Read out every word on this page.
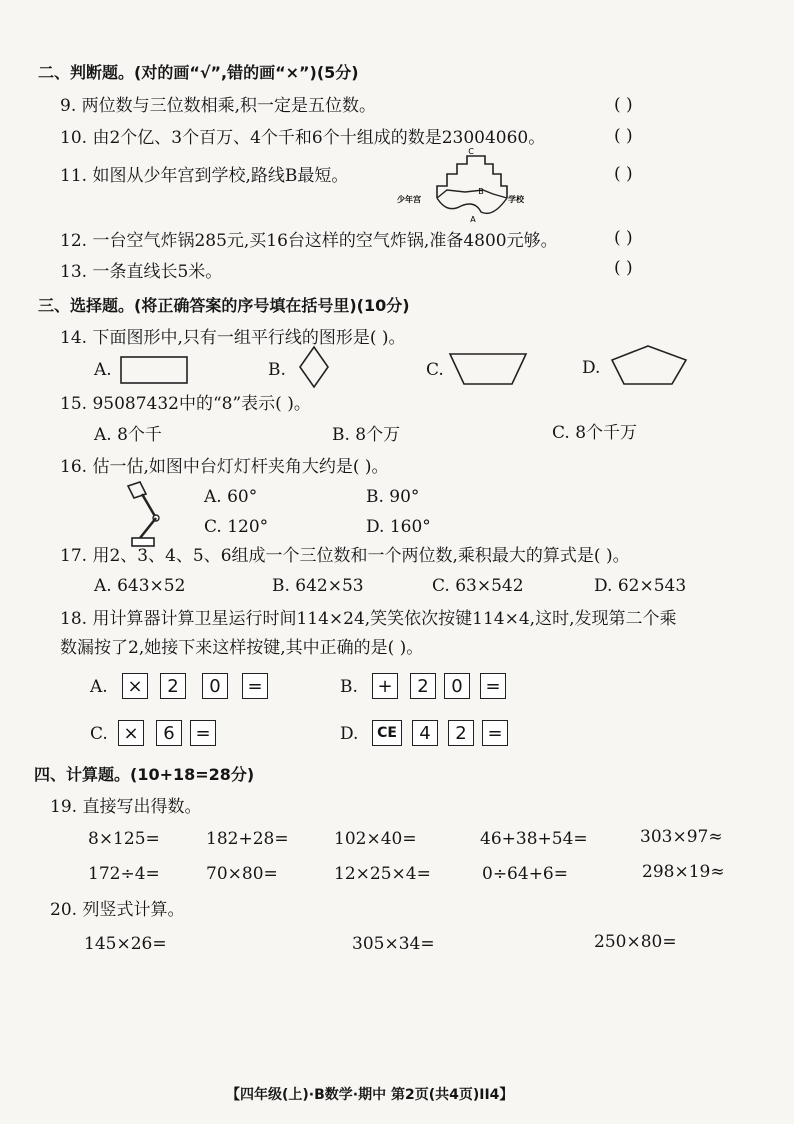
二、判断题。(对的画“√”,错的画“×”)(5分)
9. 两位数与三位数相乘,积一定是五位数。	( )
10. 由2个亿、3个百万、4个千和6个十组成的数是23004060。	( )
11. 如图从少年宫到学校,路线B最短。	( )
C
B
A
少年宫	学校
12. 一台空气炸锅285元,买16台这样的空气炸锅,准备4800元够。	( )
13. 一条直线长5米。	( )
三、选择题。(将正确答案的序号填在括号里)(10分)
14. 下面图形中,只有一组平行线的图形是( )。
A.	B.	C.	D.
15. 95087432中的“8”表示( )。
A. 8个千	B. 8个万	C. 8个千万
16. 估一估,如图中台灯灯杆夹角大约是( )。
A. 60°	B. 90°
C. 120°	D. 160°
17. 用2、3、4、5、6组成一个三位数和一个两位数,乘积最大的算式是( )。
A. 643×52	B. 642×53	C. 63×542	D. 62×543
18. 用计算器计算卫星运行时间114×24,笑笑依次按键114×4,这时,发现第二个乘
数漏按了2,她接下来这样按键,其中正确的是( )。
A.	×	2	0	=	B.	+	2	0	=
C. ×	6	=	D.	CE	4	2	=
四、计算题。(10+18=28分)
19. 直接写出得数。
8×125=	182+28=	102×40=	46+38+54=	303×97≈
172÷4=	70×80=	12×25×4=	0÷64+6=	298×19≈
20. 列竖式计算。
145×26=	305×34=	250×80=
【四年级(上)·B数学·期中 第2页(共4页)II4】
